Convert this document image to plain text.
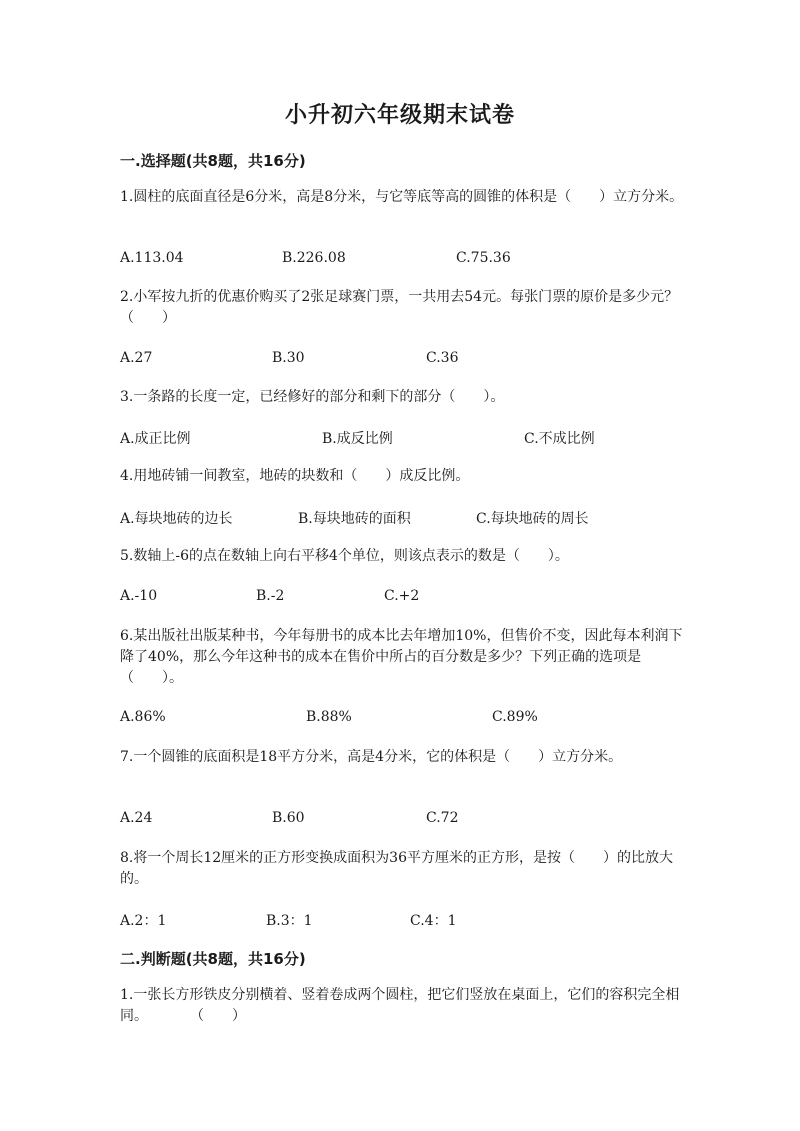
小升初六年级期末试卷
一.选择题(共8题，共16分)
1.圆柱的底面直径是6分米，高是8分米，与它等底等高的圆锥的体积是（　　）立方分米。
A.113.04	B.226.08	C.75.36
2.小军按九折的优惠价购买了2张足球赛门票，一共用去54元。每张门票的原价是多少元？（　　）
A.27	B.30	C.36
3.一条路的长度一定，已经修好的部分和剩下的部分（　　）。
A.成正比例	B.成反比例	C.不成比例
4.用地砖铺一间教室，地砖的块数和（　　）成反比例。
A.每块地砖的边长	B.每块地砖的面积	C.每块地砖的周长
5.数轴上-6的点在数轴上向右平移4个单位，则该点表示的数是（　　）。
A.-10	B.-2	C.+2
6.某出版社出版某种书，今年每册书的成本比去年增加10%，但售价不变，因此每本利润下降了40%，那么今年这种书的成本在售价中所占的百分数是多少？下列正确的选项是（　　）。
A.86%	B.88%	C.89%
7.一个圆锥的底面积是18平方分米，高是4分米，它的体积是（　　）立方分米。
A.24	B.60	C.72
8.将一个周长12厘米的正方形变换成面积为36平方厘米的正方形，是按（　　）的比放大的。
A.2：1	B.3：1	C.4：1
二.判断题(共8题，共16分)
1.一张长方形铁皮分别横着、竖着卷成两个圆柱，把它们竖放在桌面上，它们的容积完全相同。　　　　（　　）
